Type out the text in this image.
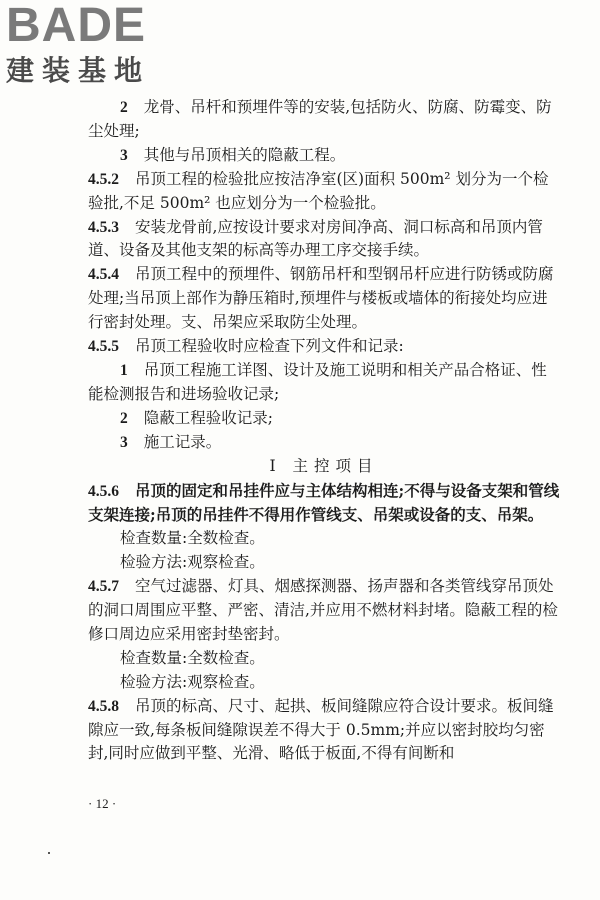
BADE
建装基地

2 龙骨、吊杆和预埋件等的安装,包括防火、防腐、防霉变、防尘处理;

3 其他与吊顶相关的隐蔽工程。

4.5.2 吊顶工程的检验批应按洁净室(区)面积 500m² 划分为一个检验批,不足 500m² 也应划分为一个检验批。

4.5.3 安装龙骨前,应按设计要求对房间净高、洞口标高和吊顶内管道、设备及其他支架的标高等办理工序交接手续。

4.5.4 吊顶工程中的预埋件、钢筋吊杆和型钢吊杆应进行防锈或防腐处理;当吊顶上部作为静压箱时,预埋件与楼板或墙体的衔接处均应进行密封处理。支、吊架应采取防尘处理。

4.5.5 吊顶工程验收时应检查下列文件和记录:

1 吊顶工程施工详图、设计及施工说明和相关产品合格证、性能检测报告和进场验收记录;

2 隐蔽工程验收记录;

3 施工记录。

Ⅰ 主控项目

4.5.6 吊顶的固定和吊挂件应与主体结构相连;不得与设备支架和管线支架连接;吊顶的吊挂件不得用作管线支、吊架或设备的支、吊架。

检查数量:全数检查。

检验方法:观察检查。

4.5.7 空气过滤器、灯具、烟感探测器、扬声器和各类管线穿吊顶处的洞口周围应平整、严密、清洁,并应用不燃材料封堵。隐蔽工程的检修口周边应采用密封垫密封。

检查数量:全数检查。

检验方法:观察检查。

4.5.8 吊顶的标高、尺寸、起拱、板间缝隙应符合设计要求。板间缝隙应一致,每条板间缝隙误差不得大于 0.5mm;并应以密封胶均匀密封,同时应做到平整、光滑、略低于板面,不得有间断和

· 12 ·
